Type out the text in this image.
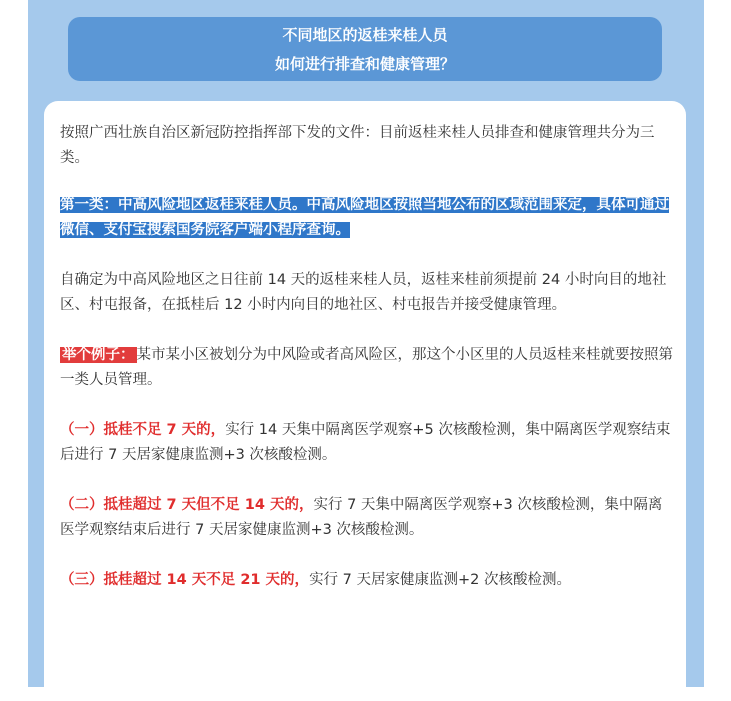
不同地区的返桂来桂人员
如何进行排查和健康管理？

按照广西壮族自治区新冠防控指挥部下发的文件：目前返桂来桂人员排查和健康管理共分为三类。

第一类：中高风险地区返桂来桂人员。中高风险地区按照当地公布的区域范围来定，具体可通过微信、支付宝搜索国务院客户端小程序查询。

自确定为中高风险地区之日往前 14 天的返桂来桂人员，返桂来桂前须提前 24 小时向目的地社区、村屯报备，在抵桂后 12 小时内向目的地社区、村屯报告并接受健康管理。

举个例子： 某市某小区被划分为中风险或者高风险区，那这个小区里的人员返桂来桂就要按照第一类人员管理。

（一）抵桂不足 7 天的，实行 14 天集中隔离医学观察+5 次核酸检测，集中隔离医学观察结束后进行 7 天居家健康监测+3 次核酸检测。

（二）抵桂超过 7 天但不足 14 天的，实行 7 天集中隔离医学观察+3 次核酸检测，集中隔离医学观察结束后进行 7 天居家健康监测+3 次核酸检测。

（三）抵桂超过 14 天不足 21 天的，实行 7 天居家健康监测+2 次核酸检测。
